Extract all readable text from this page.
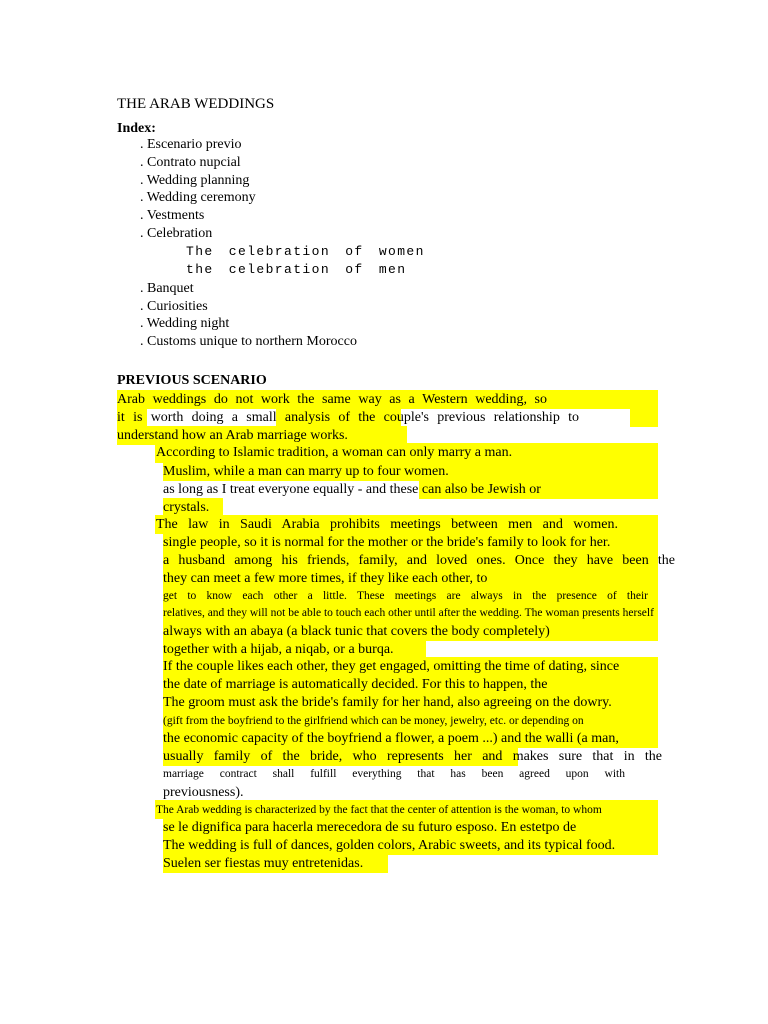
THE ARAB WEDDINGS
Index:
. Escenario previo
. Contrato nupcial
. Wedding planning
. Wedding ceremony
. Vestments
. Celebration
The celebration of women
the celebration of men
. Banquet
. Curiosities
. Wedding night
. Customs unique to northern Morocco
PREVIOUS SCENARIO
Arab weddings do not work the same way as a Western wedding, so
it is worth doing a small analysis of the couple's previous relationship to
understand how an Arab marriage works.
According to Islamic tradition, a woman can only marry a man.
Muslim, while a man can marry up to four women.
as long as I treat everyone equally - and these can also be Jewish or
crystals.
The law in Saudi Arabia prohibits meetings between men and women.
single people, so it is normal for the mother or the bride's family to look for her.
a husband among his friends, family, and loved ones. Once they have been the
they can meet a few more times, if they like each other, to
get to know each other a little. These meetings are always in the presence of their
relatives, and they will not be able to touch each other until after the wedding. The woman presents herself
always with an abaya (a black tunic that covers the body completely)
together with a hijab, a niqab, or a burqa.
If the couple likes each other, they get engaged, omitting the time of dating, since
the date of marriage is automatically decided. For this to happen, the
The groom must ask the bride's family for her hand, also agreeing on the dowry.
(gift from the boyfriend to the girlfriend which can be money, jewelry, etc. or depending on
the economic capacity of the boyfriend a flower, a poem ...) and the walli (a man,
usually family of the bride, who represents her and makes sure that in the
marriage contract shall fulfill everything that has been agreed upon with
previousness).
The Arab wedding is characterized by the fact that the center of attention is the woman, to whom
se le dignifica para hacerla merecedora de su futuro esposo. En estetpo de
The wedding is full of dances, golden colors, Arabic sweets, and its typical food.
Suelen ser fiestas muy entretenidas.
